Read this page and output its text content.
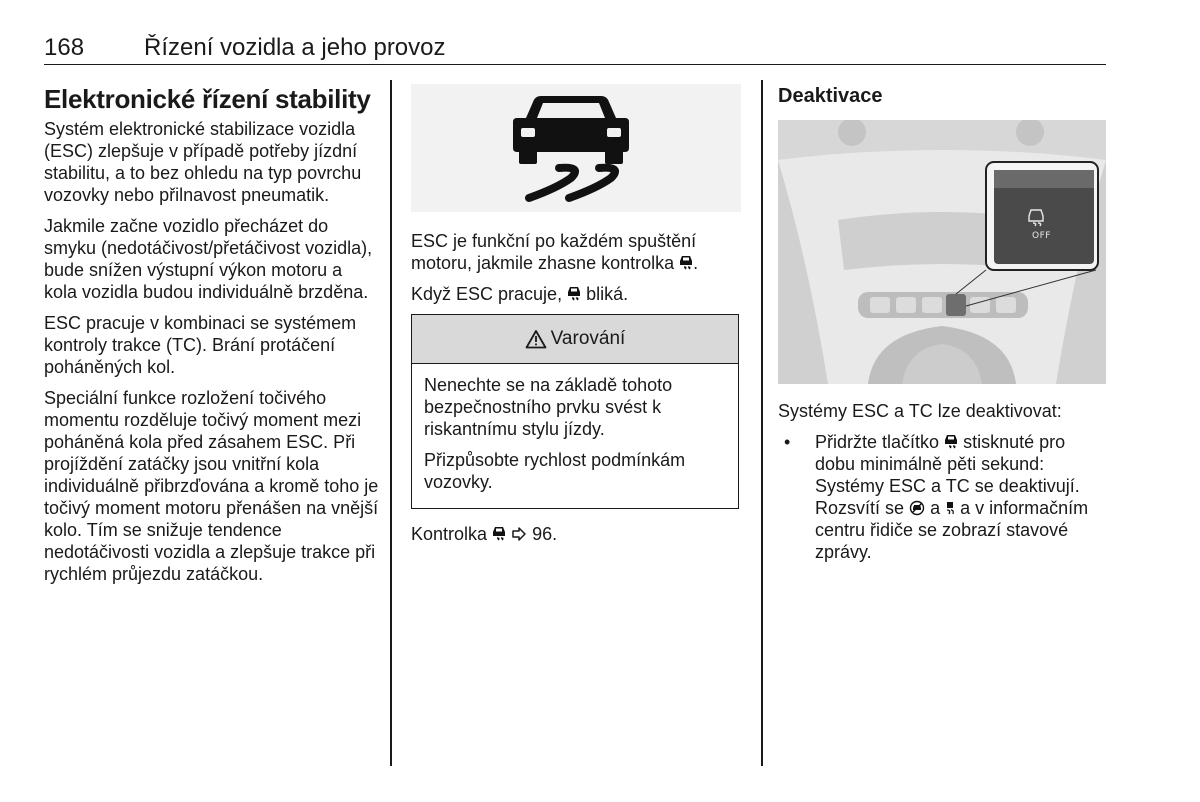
168 Řízení vozidla a jeho provoz
Elektronické řízení stability

Systém elektronické stabilizace vozidla (ESC) zlepšuje v případě potřeby jízdní stabilitu, a to bez ohledu na typ povrchu vozovky nebo přilnavost pneumatik.

Jakmile začne vozidlo přecházet do smyku (nedotáčivost/přetáčivost vozidla), bude snížen výstupní výkon motoru a kola vozidla budou individuálně brzděna.

ESC pracuje v kombinaci se systémem kontroly trakce (TC). Brání protáčení poháněných kol.

Speciální funkce rozložení točivého momentu rozděluje točivý moment mezi poháněná kola před zásahem ESC. Při projíždění zatáčky jsou vnitřní kola individuálně přibrzďována a kromě toho je točivý moment motoru přenášen na vnější kolo. Tím se snižuje tendence nedotáčivosti vozidla a zlepšuje trakce při rychlém průjezdu zatáčkou.

ESC je funkční po každém spuštění motoru, jakmile zhasne kontrolka .

Když ESC pracuje, bliká.

Varování

Nenechte se na základě tohoto bezpečnostního prvku svést k riskantnímu stylu jízdy.

Přizpůsobte rychlost podmínkám vozovky.

Kontrolka	96.

Deaktivace
OFF

Systémy ESC a TC lze deaktivovat:

• Přidržte tlačítko stisknuté pro dobu minimálně pěti sekund: Systémy ESC a TC se deaktivují. Rozsvítí se a a v informačním centru řidiče se zobrazí stavové zprávy.
